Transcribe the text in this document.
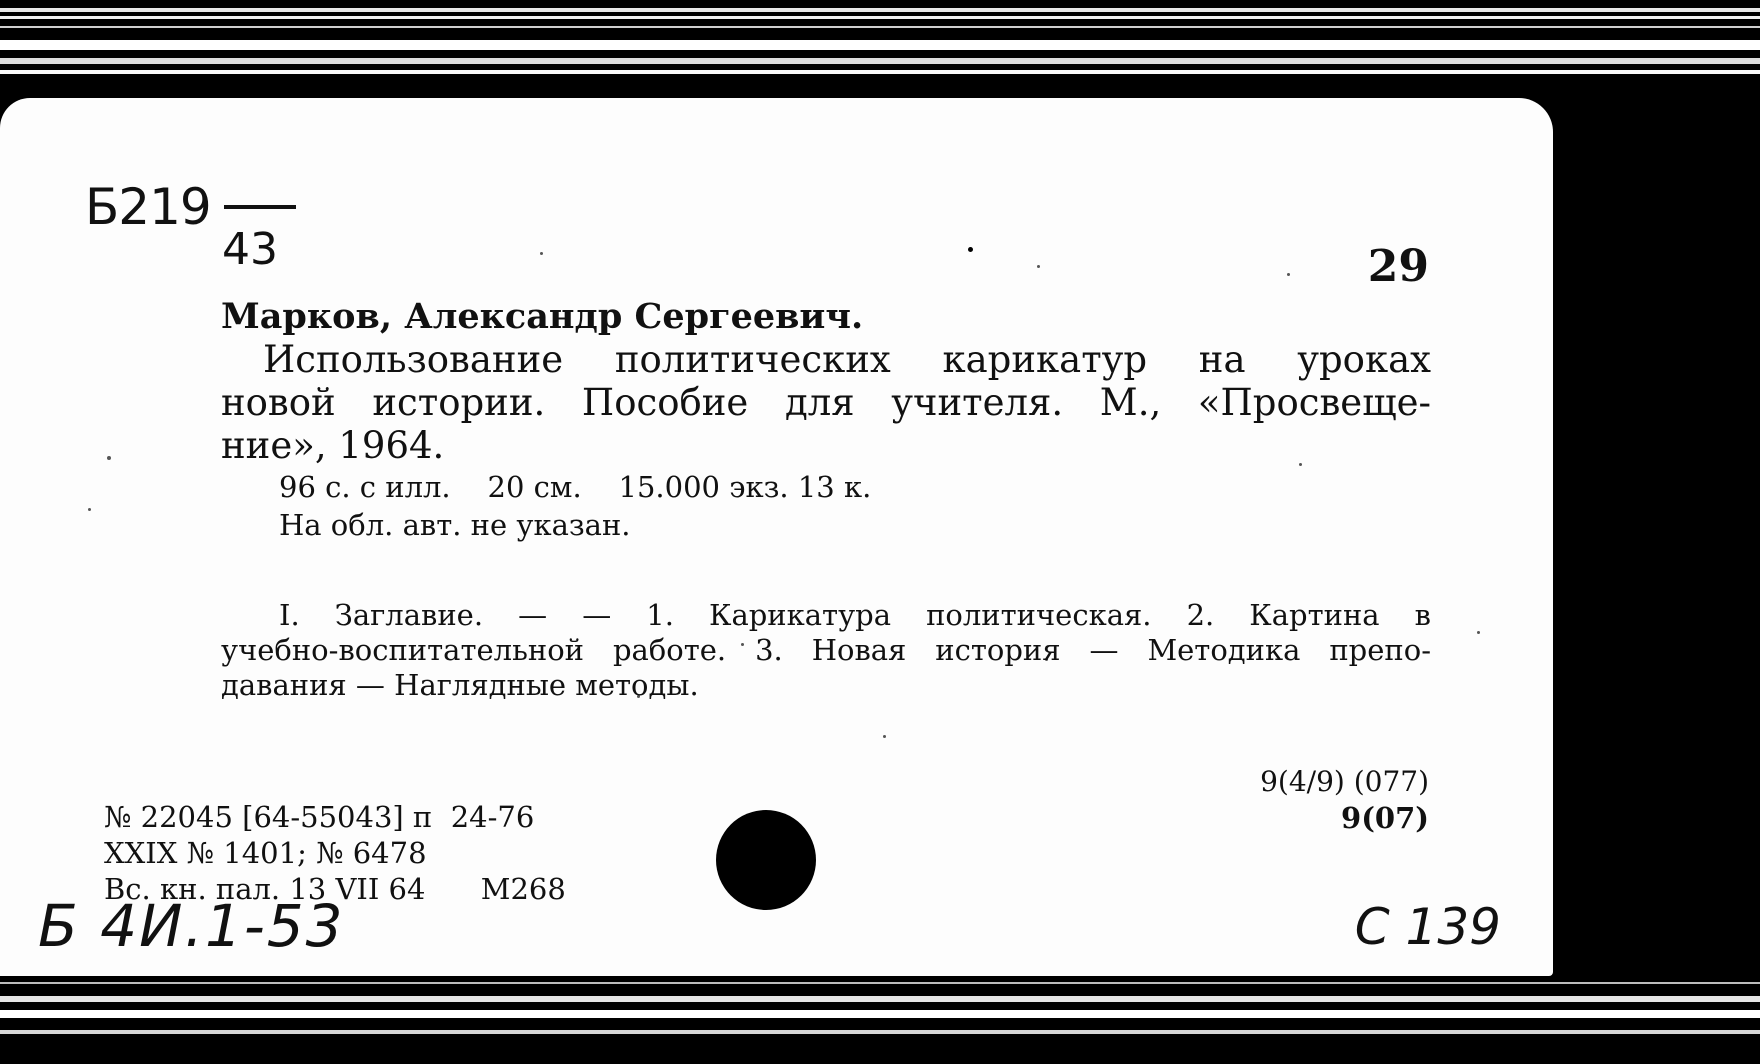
Б219
43	29
Марков, Александр Сергеевич.
Использование политических карикатур на уроках
новой истории. Пособие для учителя. М., «Просвеще-
ние», 1964.
96 с. с илл.    20 см.    15.000 экз. 13 к.
На обл. авт. не указан.
I. Заглавие. — — 1. Карикатура политическая. 2. Картина в
учебно-воспитательной работе. 3. Новая история — Методика препо-
давания — Наглядные методы.
9(4/9) (077)
9(07)
№ 22045 [64-55043] п  24-76
XXIX № 1401; № 6478
Вс. кн. пал. 13 VII 64      М268
Б 4И.1-53	С 139
